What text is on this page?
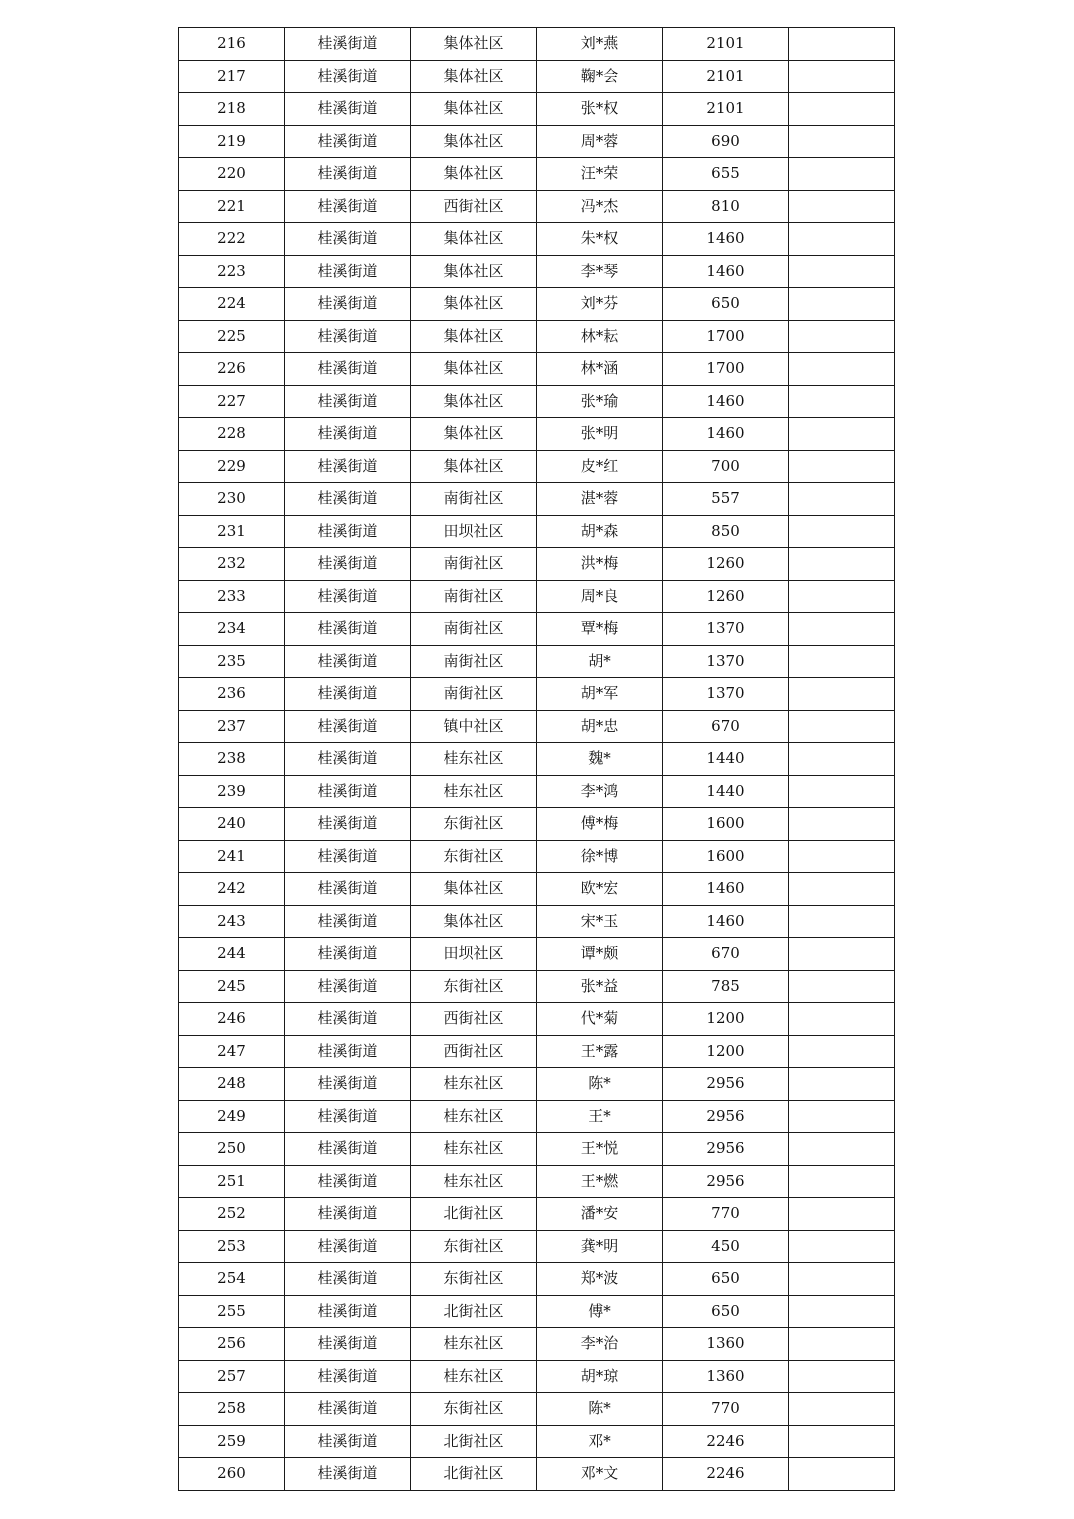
216	桂溪街道	集体社区	刘*燕	2101	
217	桂溪街道	集体社区	鞠*会	2101	
218	桂溪街道	集体社区	张*权	2101	
219	桂溪街道	集体社区	周*蓉	690	
220	桂溪街道	集体社区	汪*荣	655	
221	桂溪街道	西街社区	冯*杰	810	
222	桂溪街道	集体社区	朱*权	1460	
223	桂溪街道	集体社区	李*琴	1460	
224	桂溪街道	集体社区	刘*芬	650	
225	桂溪街道	集体社区	林*耘	1700	
226	桂溪街道	集体社区	林*涵	1700	
227	桂溪街道	集体社区	张*瑜	1460	
228	桂溪街道	集体社区	张*明	1460	
229	桂溪街道	集体社区	皮*红	700	
230	桂溪街道	南街社区	湛*蓉	557	
231	桂溪街道	田坝社区	胡*森	850	
232	桂溪街道	南街社区	洪*梅	1260	
233	桂溪街道	南街社区	周*良	1260	
234	桂溪街道	南街社区	覃*梅	1370	
235	桂溪街道	南街社区	胡*	1370	
236	桂溪街道	南街社区	胡*军	1370	
237	桂溪街道	镇中社区	胡*忠	670	
238	桂溪街道	桂东社区	魏*	1440	
239	桂溪街道	桂东社区	李*鸿	1440	
240	桂溪街道	东街社区	傅*梅	1600	
241	桂溪街道	东街社区	徐*博	1600	
242	桂溪街道	集体社区	欧*宏	1460	
243	桂溪街道	集体社区	宋*玉	1460	
244	桂溪街道	田坝社区	谭*颇	670	
245	桂溪街道	东街社区	张*益	785	
246	桂溪街道	西街社区	代*菊	1200	
247	桂溪街道	西街社区	王*露	1200	
248	桂溪街道	桂东社区	陈*	2956	
249	桂溪街道	桂东社区	王*	2956	
250	桂溪街道	桂东社区	王*悦	2956	
251	桂溪街道	桂东社区	王*燃	2956	
252	桂溪街道	北街社区	潘*安	770	
253	桂溪街道	东街社区	龚*明	450	
254	桂溪街道	东街社区	郑*波	650	
255	桂溪街道	北街社区	傅*	650	
256	桂溪街道	桂东社区	李*治	1360	
257	桂溪街道	桂东社区	胡*琼	1360	
258	桂溪街道	东街社区	陈*	770	
259	桂溪街道	北街社区	邓*	2246	
260	桂溪街道	北街社区	邓*文	2246	
